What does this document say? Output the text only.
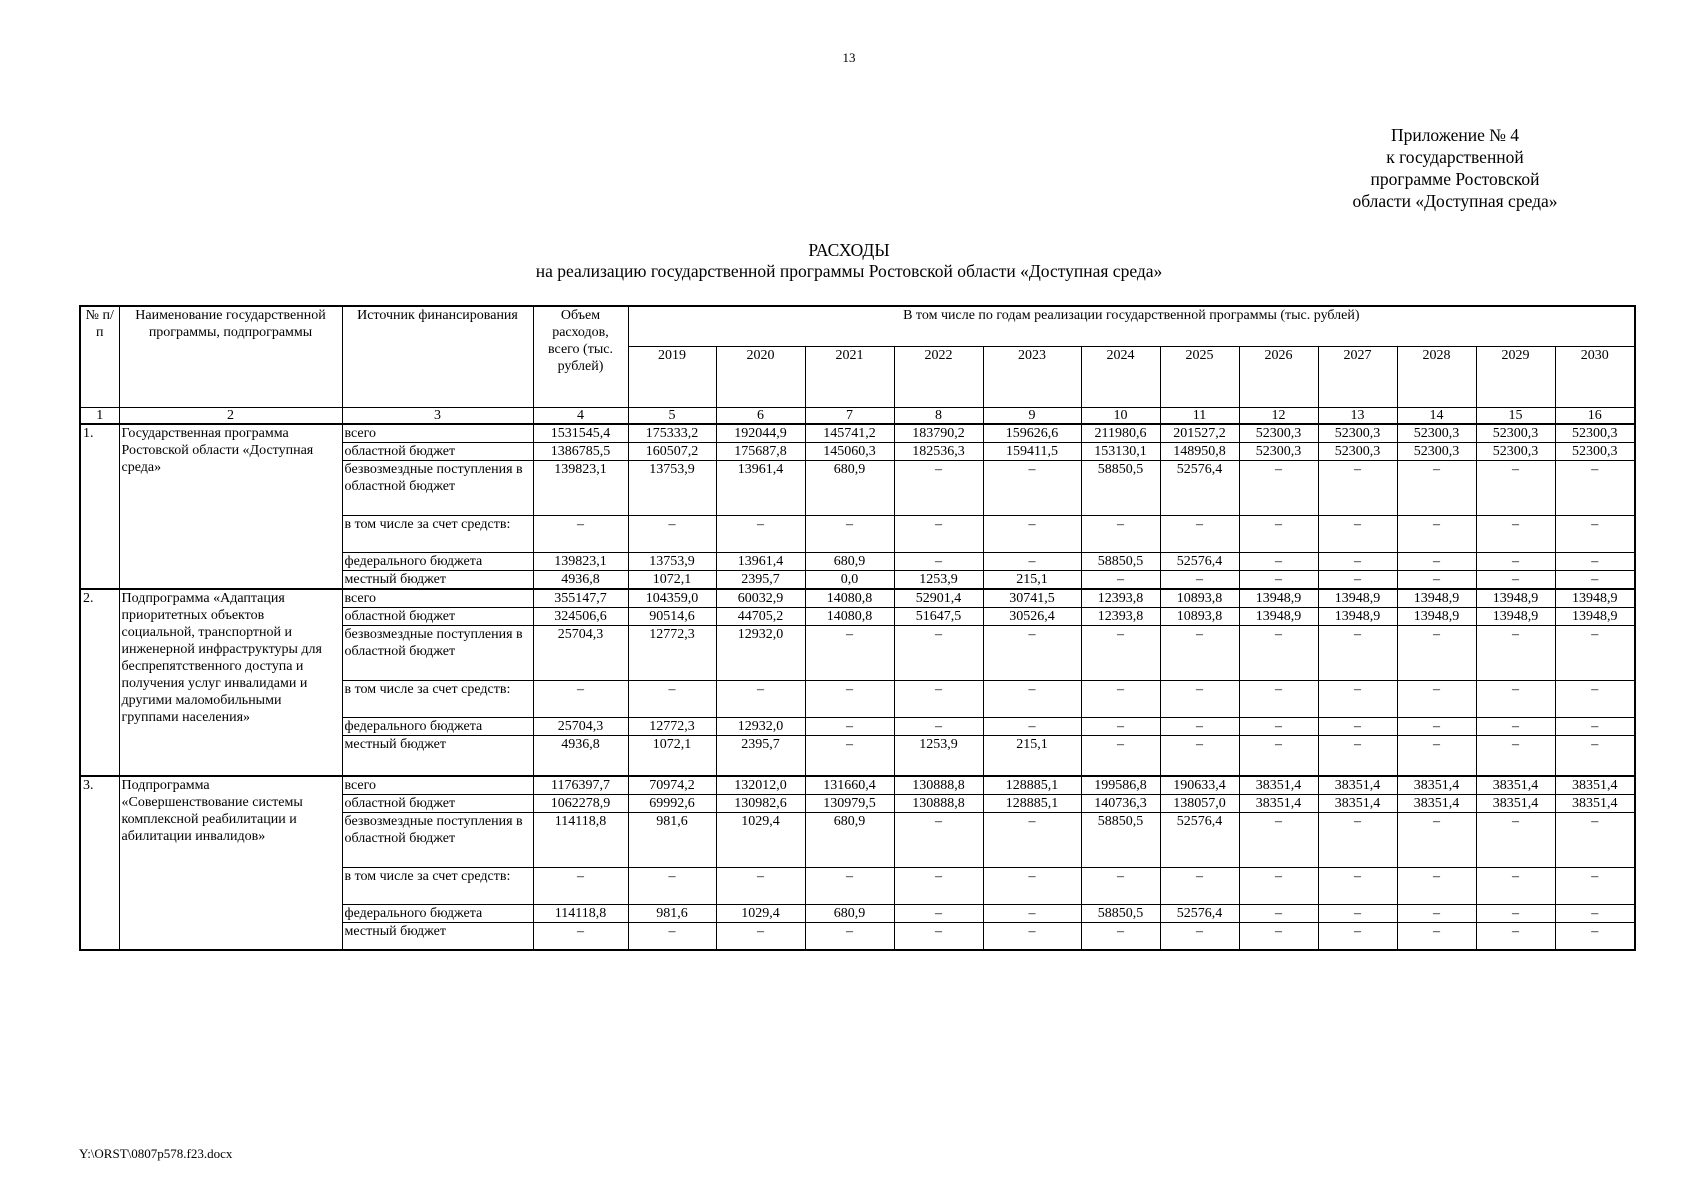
13
Приложение № 4
к государственной
программе Ростовской
области «Доступная среда»
РАСХОДЫ
на реализацию государственной программы Ростовской области «Доступная среда»
№ п/п	Наименование государственной программы, подпрограммы	Источник финансирования	Объем расходов, всего (тыс. рублей)	В том числе по годам реализации государственной программы (тыс. рублей)											
				2019	2020	2021	2022	2023	2024	2025	2026	2027	2028	2029	2030
1	2	3	4	5	6	7	8	9	10	11	12	13	14	15	16
1.	Государственная программа Ростовской области «Доступная среда»	всего	1531545,4	175333,2	192044,9	145741,2	183790,2	159626,6	211980,6	201527,2	52300,3	52300,3	52300,3	52300,3	52300,3
		областной бюджет	1386785,5	160507,2	175687,8	145060,3	182536,3	159411,5	153130,1	148950,8	52300,3	52300,3	52300,3	52300,3	52300,3
		безвозмездные поступления в областной бюджет	139823,1	13753,9	13961,4	680,9	–	–	58850,5	52576,4	–	–	–	–	–
		в том числе за счет средств:	–	–	–	–	–	–	–	–	–	–	–	–	–
		федерального бюджета	139823,1	13753,9	13961,4	680,9	–	–	58850,5	52576,4	–	–	–	–	–
		местный бюджет	4936,8	1072,1	2395,7	0,0	1253,9	215,1	–	–	–	–	–	–	–
2.	Подпрограмма «Адаптация приоритетных объектов социальной, транспортной и инженерной инфраструктуры для беспрепятственного доступа и получения услуг инвалидами и другими маломобильными группами населения»	всего	355147,7	104359,0	60032,9	14080,8	52901,4	30741,5	12393,8	10893,8	13948,9	13948,9	13948,9	13948,9	13948,9
		областной бюджет	324506,6	90514,6	44705,2	14080,8	51647,5	30526,4	12393,8	10893,8	13948,9	13948,9	13948,9	13948,9	13948,9
		безвозмездные поступления в областной бюджет	25704,3	12772,3	12932,0	–	–	–	–	–	–	–	–	–	–
		в том числе за счет средств:	–	–	–	–	–	–	–	–	–	–	–	–	–
		федерального бюджета	25704,3	12772,3	12932,0	–	–	–	–	–	–	–	–	–	–
		местный бюджет	4936,8	1072,1	2395,7	–	1253,9	215,1	–	–	–	–	–	–	–
3.	Подпрограмма «Совершенствование системы комплексной реабилитации и абилитации инвалидов»	всего	1176397,7	70974,2	132012,0	131660,4	130888,8	128885,1	199586,8	190633,4	38351,4	38351,4	38351,4	38351,4	38351,4
		областной бюджет	1062278,9	69992,6	130982,6	130979,5	130888,8	128885,1	140736,3	138057,0	38351,4	38351,4	38351,4	38351,4	38351,4
		безвозмездные поступления в областной бюджет	114118,8	981,6	1029,4	680,9	–	–	58850,5	52576,4	–	–	–	–	–
		в том числе за счет средств:	–	–	–	–	–	–	–	–	–	–	–	–	–
		федерального бюджета	114118,8	981,6	1029,4	680,9	–	–	58850,5	52576,4	–	–	–	–	–
		местный бюджет	–	–	–	–	–	–	–	–	–	–	–	–	–
Y:\ORST\0807p578.f23.docx
